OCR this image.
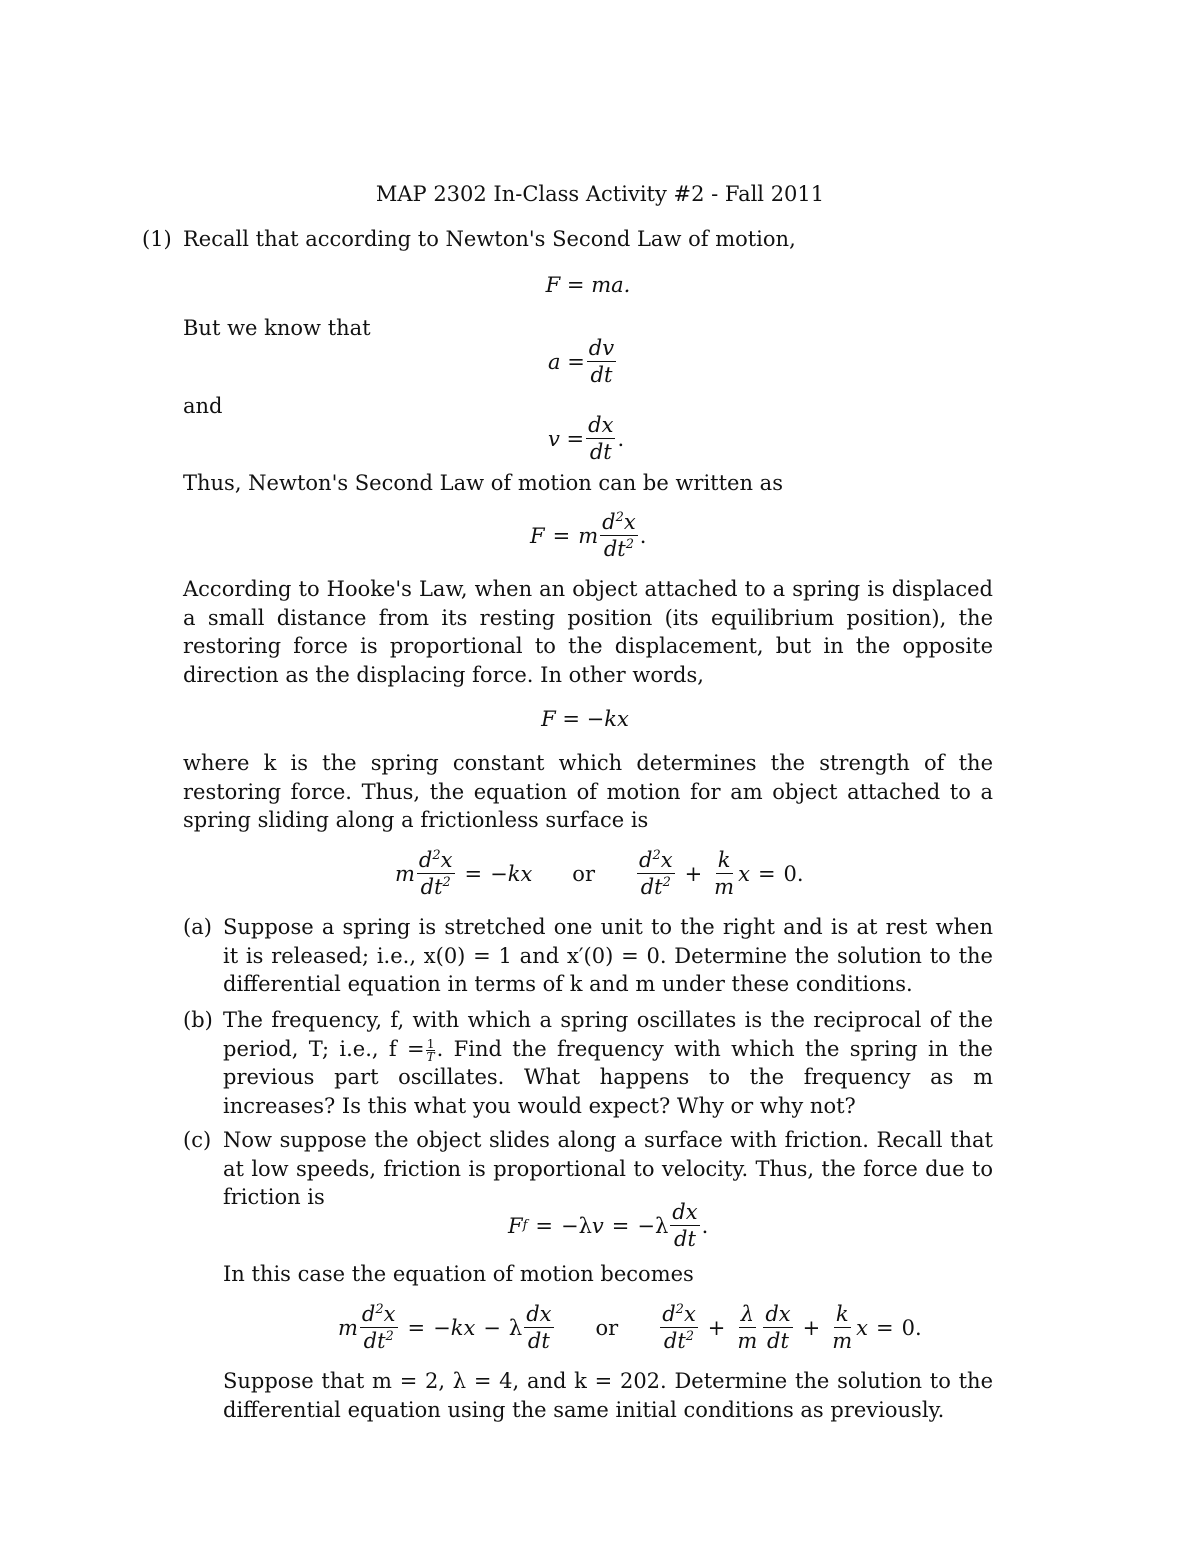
MAP 2302 In-Class Activity #2 - Fall 2011
(1) Recall that according to Newton's Second Law of motion,
F = ma.
But we know that
$a = \frac{dv}{dt}$
and
$v = \frac{dx}{dt}$ .
Thus, Newton's Second Law of motion can be written as
F = m $\frac{d^2x}{dt^2}$ .
According to Hooke's Law, when an object attached to a spring is displaced a small distance from its resting position (its equilibrium position), the restoring force is proportional to the displacement, but in the opposite direction as the displacing force. In other words,
F = −kx
where k is the spring constant which determines the strength of the restoring force. Thus, the equation of motion for am object attached to a spring sliding along a frictionless surface is
m $\frac{d^2x}{dt^2}$ = − kx or $\frac{d^2x}{dt^2} + \frac{k}{m}$ x = 0.
(a) Suppose a spring is stretched one unit to the right and is at rest when it is released; i.e., x(0) = 1 and x′(0) = 0. Determine the solution to the differential equation in terms of k and m under these conditions.
(b) The frequency, f, with which a spring oscillates is the reciprocal of the period, T; i.e., $f = \frac{1}{T}$ . Find the frequency with which the spring in the previous part oscillates. What happens to the frequency as m increases? Is this what you would expect? Why or why not?
(c) Now suppose the object slides along a surface with friction. Recall that at low speeds, friction is proportional to velocity. Thus, the force due to friction is
F f = −λ $v = -\lambda \frac{dx}{dt}$ .
In this case the equation of motion becomes
m $\frac{d^2x}{dt^2}$ = − kx − λ $\frac{dx}{dt}$ or $\frac{d^2x}{dt^2} + \frac{\lambda}{m} \frac{dx}{dt} + \frac{k}{m}$ x = 0.
Suppose that m = 2, λ = 4, and k = 202. Determine the solution to the differential equation using the same initial conditions as previously.
